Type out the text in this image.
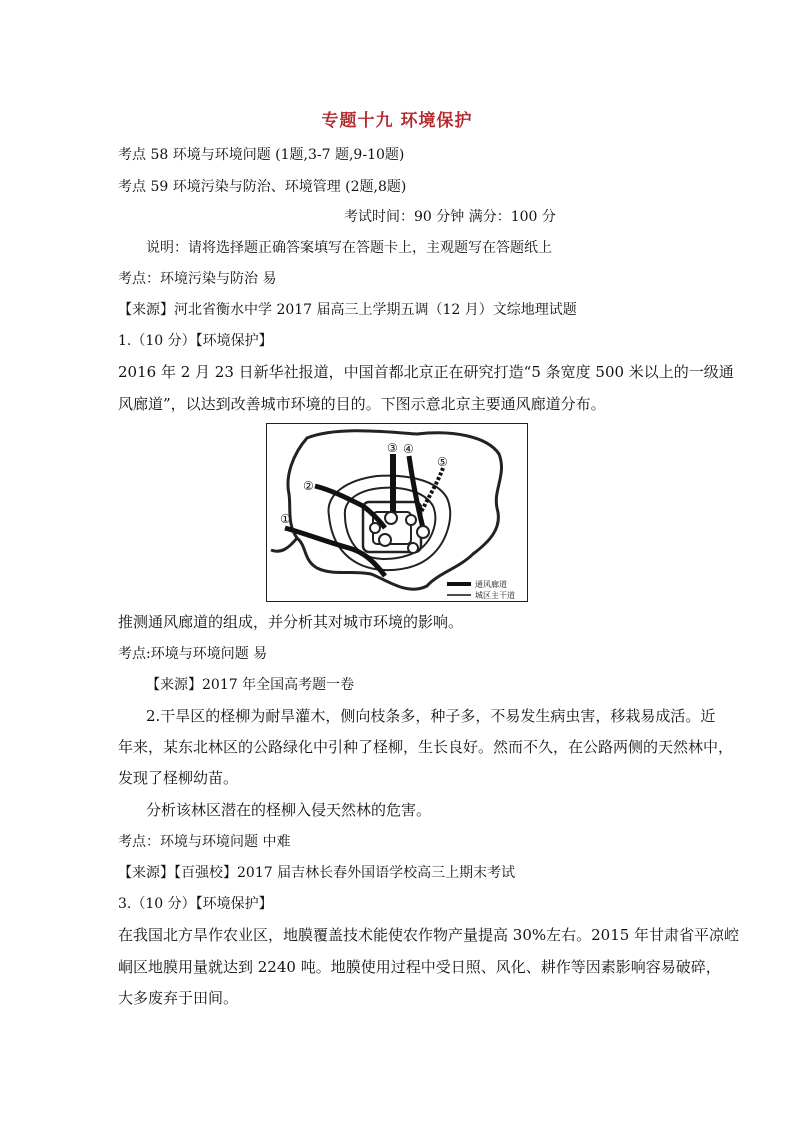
专题十九 环境保护
考点 58 环境与环境问题 (1题,3-7 题,9-10题)
考点 59 环境污染与防治、环境管理 (2题,8题)
考试时间：90 分钟 满分：100 分
说明：请将选择题正确答案填写在答题卡上，主观题写在答题纸上
考点：环境污染与防治 易
【来源】河北省衡水中学 2017 届高三上学期五调（12 月）文综地理试题
1.（10 分）【环境保护】
2016 年 2 月 23 日新华社报道，中国首都北京正在研究打造“5 条宽度 500 米以上的一级通
风廊道”，以达到改善城市环境的目的。下图示意北京主要通风廊道分布。
①
②
③ ④
⑤
通风廊道
城区主干道
推测通风廊道的组成，并分析其对城市环境的影响。
考点:环境与环境问题 易
【来源】2017 年全国高考题一卷
2.干旱区的柽柳为耐旱灌木，侧向枝条多，种子多，不易发生病虫害，移栽易成活。近
年来，某东北林区的公路绿化中引种了柽柳，生长良好。然而不久，在公路两侧的天然林中，
发现了柽柳幼苗。
分析该林区潜在的柽柳入侵天然林的危害。
考点：环境与环境问题 中难
【来源】【百强校】2017 届吉林长春外国语学校高三上期末考试
3.（10 分）【环境保护】
在我国北方旱作农业区，地膜覆盖技术能使农作物产量提高 30%左右。2015 年甘肃省平凉崆
峒区地膜用量就达到 2240 吨。地膜使用过程中受日照、风化、耕作等因素影响容易破碎，
大多废弃于田间。
